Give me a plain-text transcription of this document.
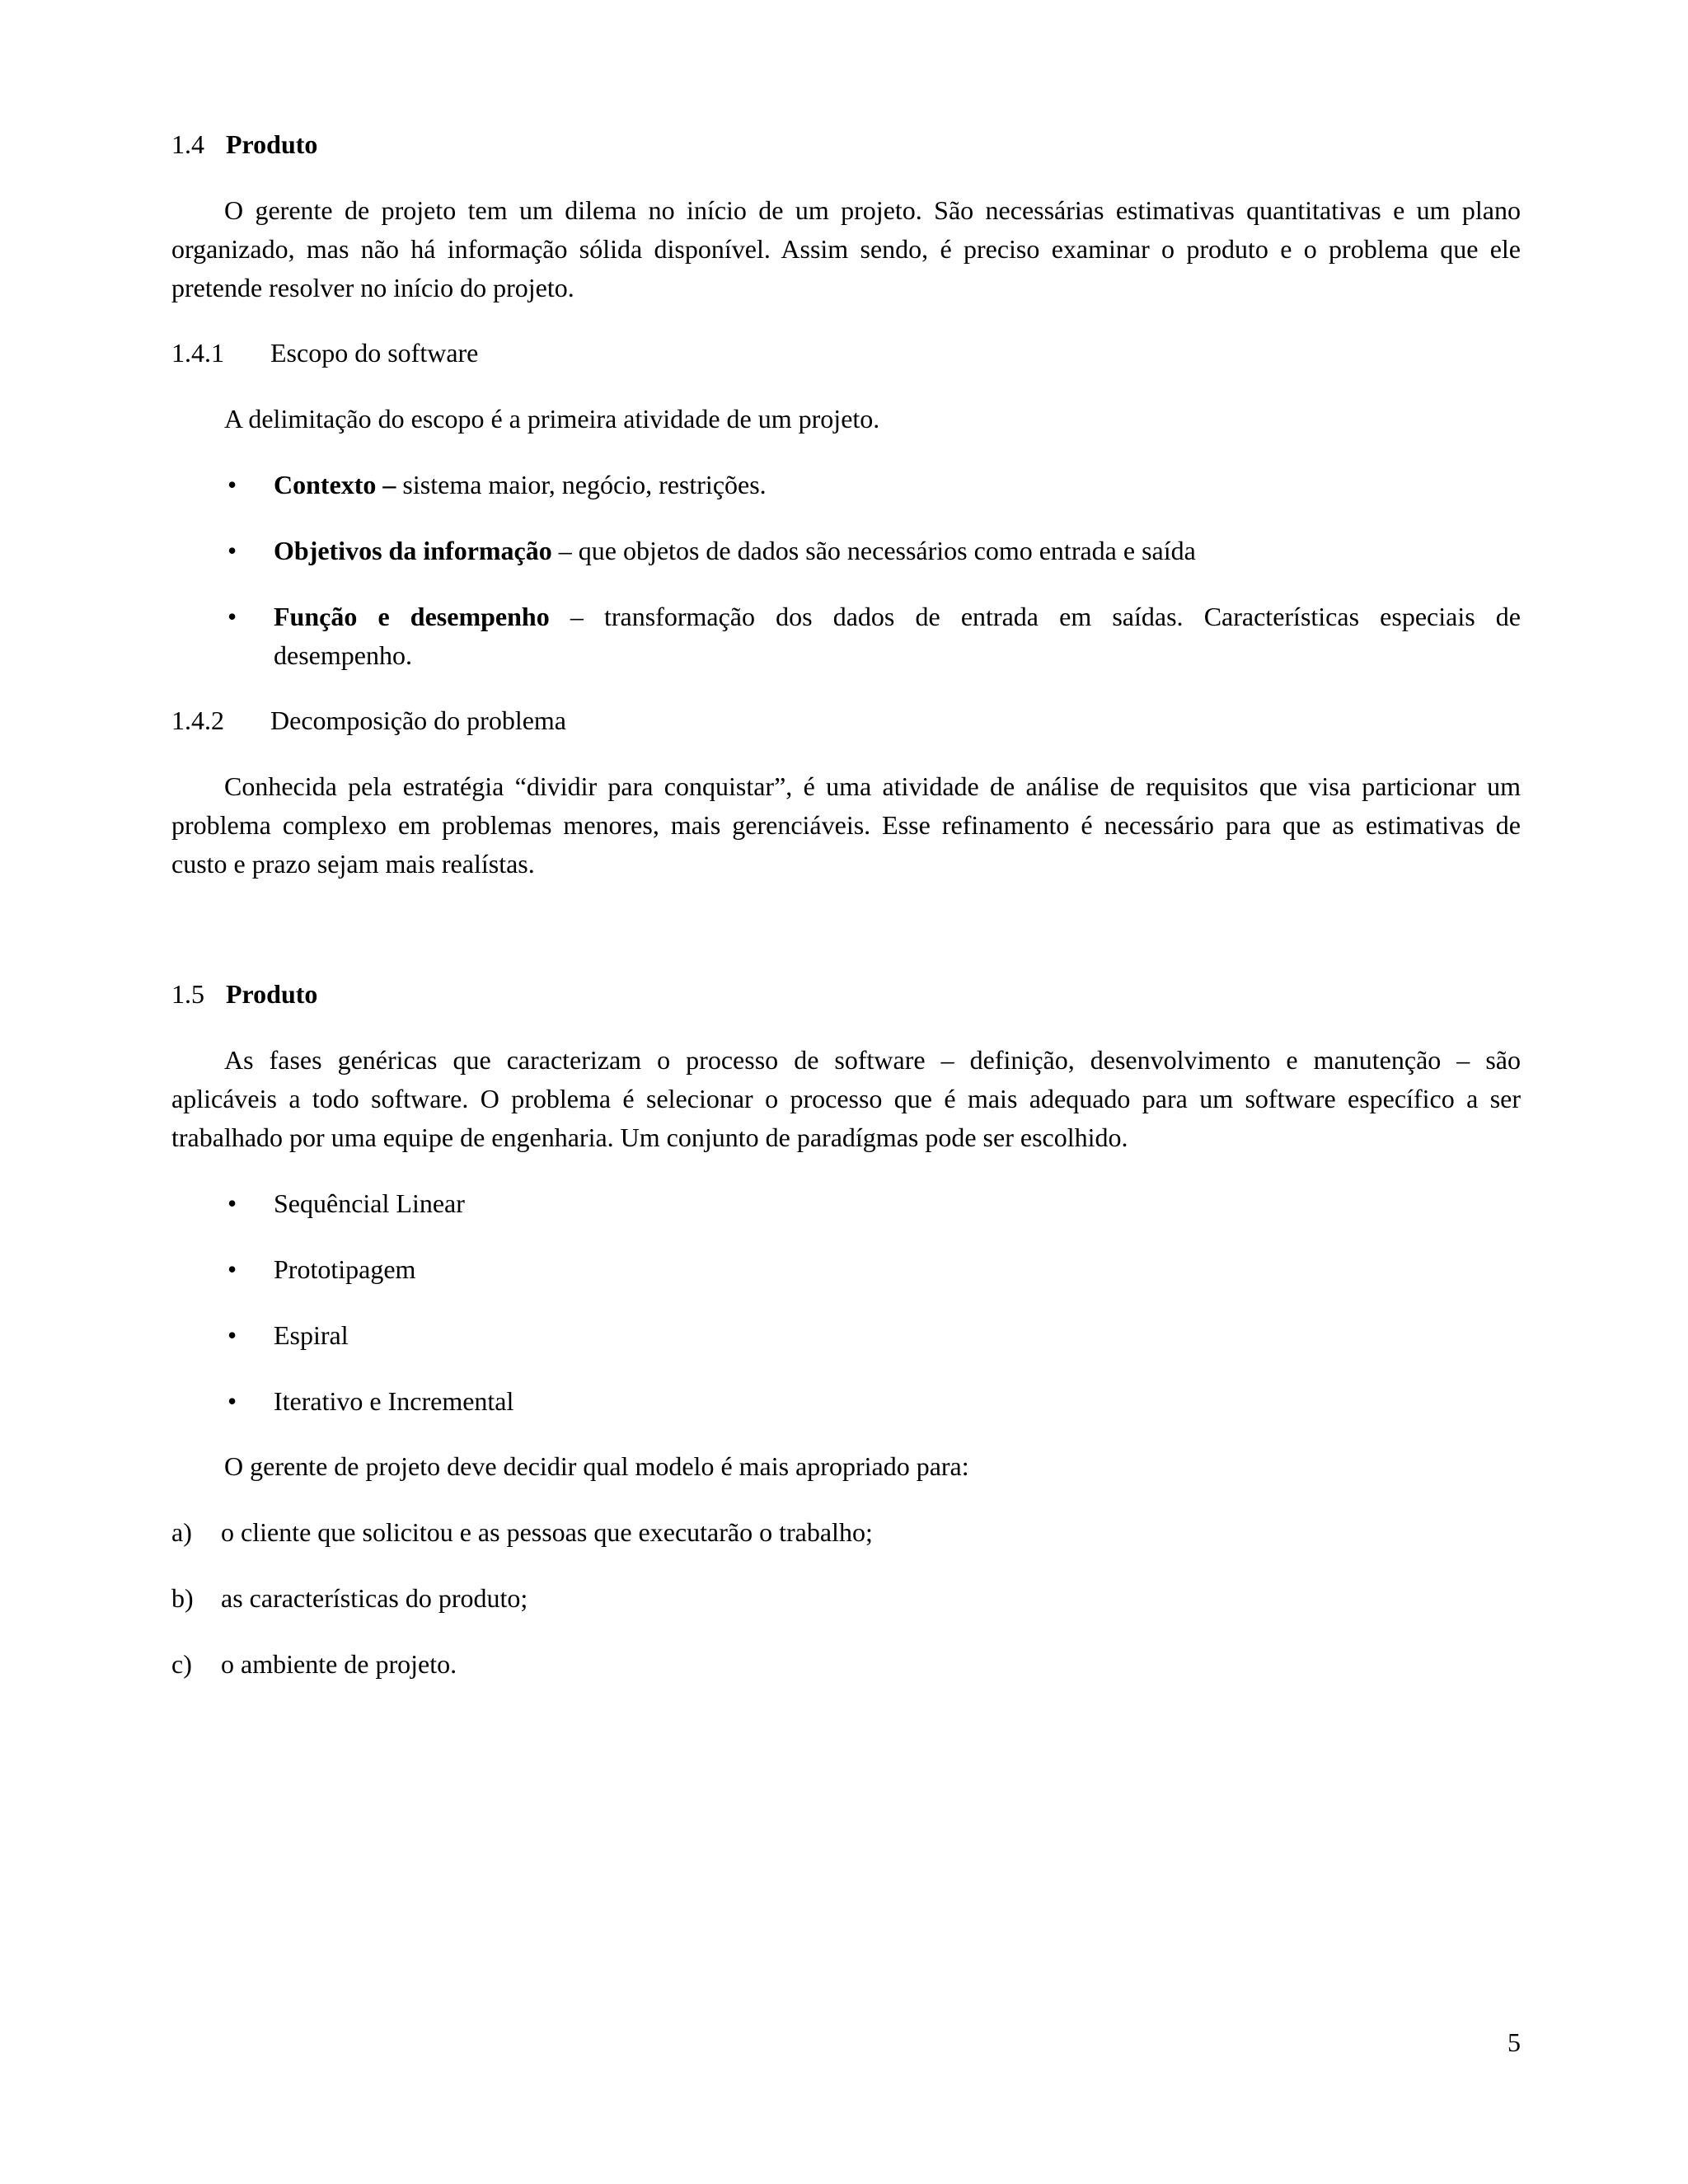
1.4 Produto
O gerente de projeto tem um dilema no início de um projeto. São necessárias estimativas quantitativas e um plano
organizado, mas não há informação sólida disponível. Assim sendo, é preciso examinar o produto e o problema que ele
pretende resolver no início do projeto.
1.4.1 Escopo do software
A delimitação do escopo é a primeira atividade de um projeto.
•	Contexto – sistema maior, negócio, restrições.
•	Objetivos da informação – que objetos de dados são necessários como entrada e saída
•	Função e desempenho – transformação dos dados de entrada em saídas. Características especiais de
desempenho.
1.4.2 Decomposição do problema
Conhecida pela estratégia “dividir para conquistar”, é uma atividade de análise de requisitos que visa particionar um
problema complexo em problemas menores, mais gerenciáveis. Esse refinamento é necessário para que as estimativas de
custo e prazo sejam mais realístas.
1.5 Produto
As fases genéricas que caracterizam o processo de software – definição, desenvolvimento e manutenção – são
aplicáveis a todo software. O problema é selecionar o processo que é mais adequado para um software específico a ser
trabalhado por uma equipe de engenharia. Um conjunto de paradígmas pode ser escolhido.
•	Sequêncial Linear
•	Prototipagem
•	Espiral
•	Iterativo e Incremental
O gerente de projeto deve decidir qual modelo é mais apropriado para:
a) o cliente que solicitou e as pessoas que executarão o trabalho;
b) as características do produto;
c) o ambiente de projeto.
5
